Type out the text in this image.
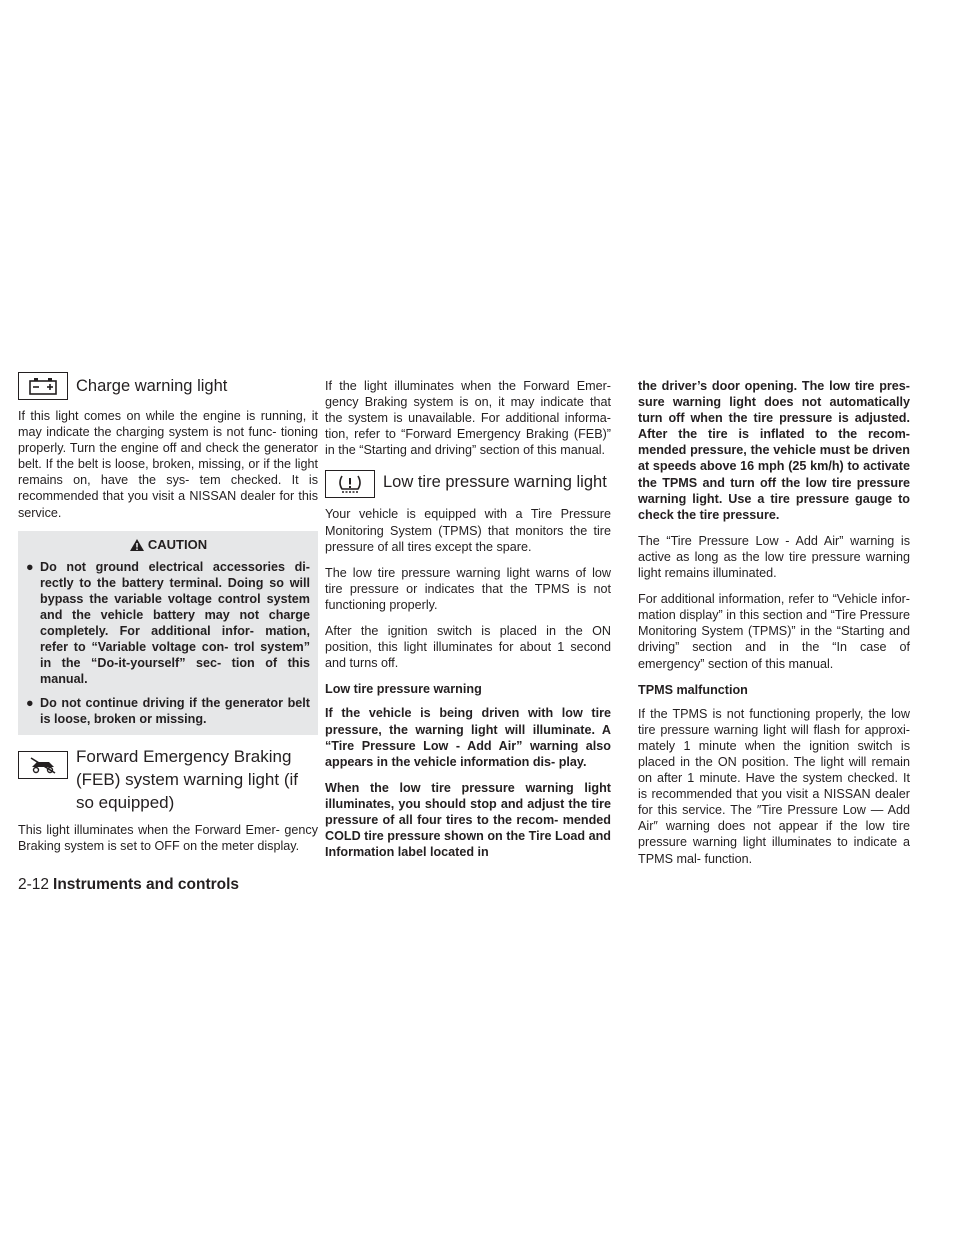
Charge warning light

If this light comes on while the engine is running, it may indicate the charging system is not func- tioning properly. Turn the engine off and check the generator belt. If the belt is loose, broken, missing, or if the light remains on, have the sys- tem checked. It is recommended that you visit a NISSAN dealer for this service.

CAUTION
● Do not ground electrical accessories di- rectly to the battery terminal. Doing so will bypass the variable voltage control system and the vehicle battery may not charge completely. For additional infor- mation, refer to “Variable voltage con- trol system” in the “Do-it-yourself” sec- tion of this manual.
● Do not continue driving if the generator belt is loose, broken or missing.
Forward Emergency Braking (FEB) system warning light (if so equipped)

This light illuminates when the Forward Emer- gency Braking system is set to OFF on the meter display.

If the light illuminates when the Forward Emer- gency Braking system is on, it may indicate that the system is unavailable. For additional informa- tion, refer to “Forward Emergency Braking (FEB)” in the “Starting and driving” section of this manual.

Low tire pressure warning light

Your vehicle is equipped with a Tire Pressure Monitoring System (TPMS) that monitors the tire pressure of all tires except the spare.

The low tire pressure warning light warns of low tire pressure or indicates that the TPMS is not functioning properly.

After the ignition switch is placed in the ON position, this light illuminates for about 1 second and turns off.

Low tire pressure warning

If the vehicle is being driven with low tire pressure, the warning light will illuminate. A “Tire Pressure Low - Add Air” warning also appears in the vehicle information dis- play.

When the low tire pressure warning light illuminates, you should stop and adjust the tire pressure of all four tires to the recom- mended COLD tire pressure shown on the Tire Load and Information label located in

the driver’s door opening. The low tire pres- sure warning light does not automatically turn off when the tire pressure is adjusted. After the tire is inflated to the recom- mended pressure, the vehicle must be driven at speeds above 16 mph (25 km/h) to activate the TPMS and turn off the low tire pressure warning light. Use a tire pressure gauge to check the tire pressure.

The “Tire Pressure Low - Add Air” warning is active as long as the low tire pressure warning light remains illuminated.

For additional information, refer to “Vehicle infor- mation display” in this section and “Tire Pressure Monitoring System (TPMS)” in the “Starting and driving” section and in the “In case of emergency” section of this manual.

TPMS malfunction

If the TPMS is not functioning properly, the low tire pressure warning light will flash for approxi- mately 1 minute when the ignition switch is placed in the ON position. The light will remain on after 1 minute. Have the system checked. It is recommended that you visit a NISSAN dealer for this service. The ″Tire Pressure Low — Add Air″ warning does not appear if the low tire pressure warning light illuminates to indicate a TPMS mal- function.

2-12 Instruments and controls
